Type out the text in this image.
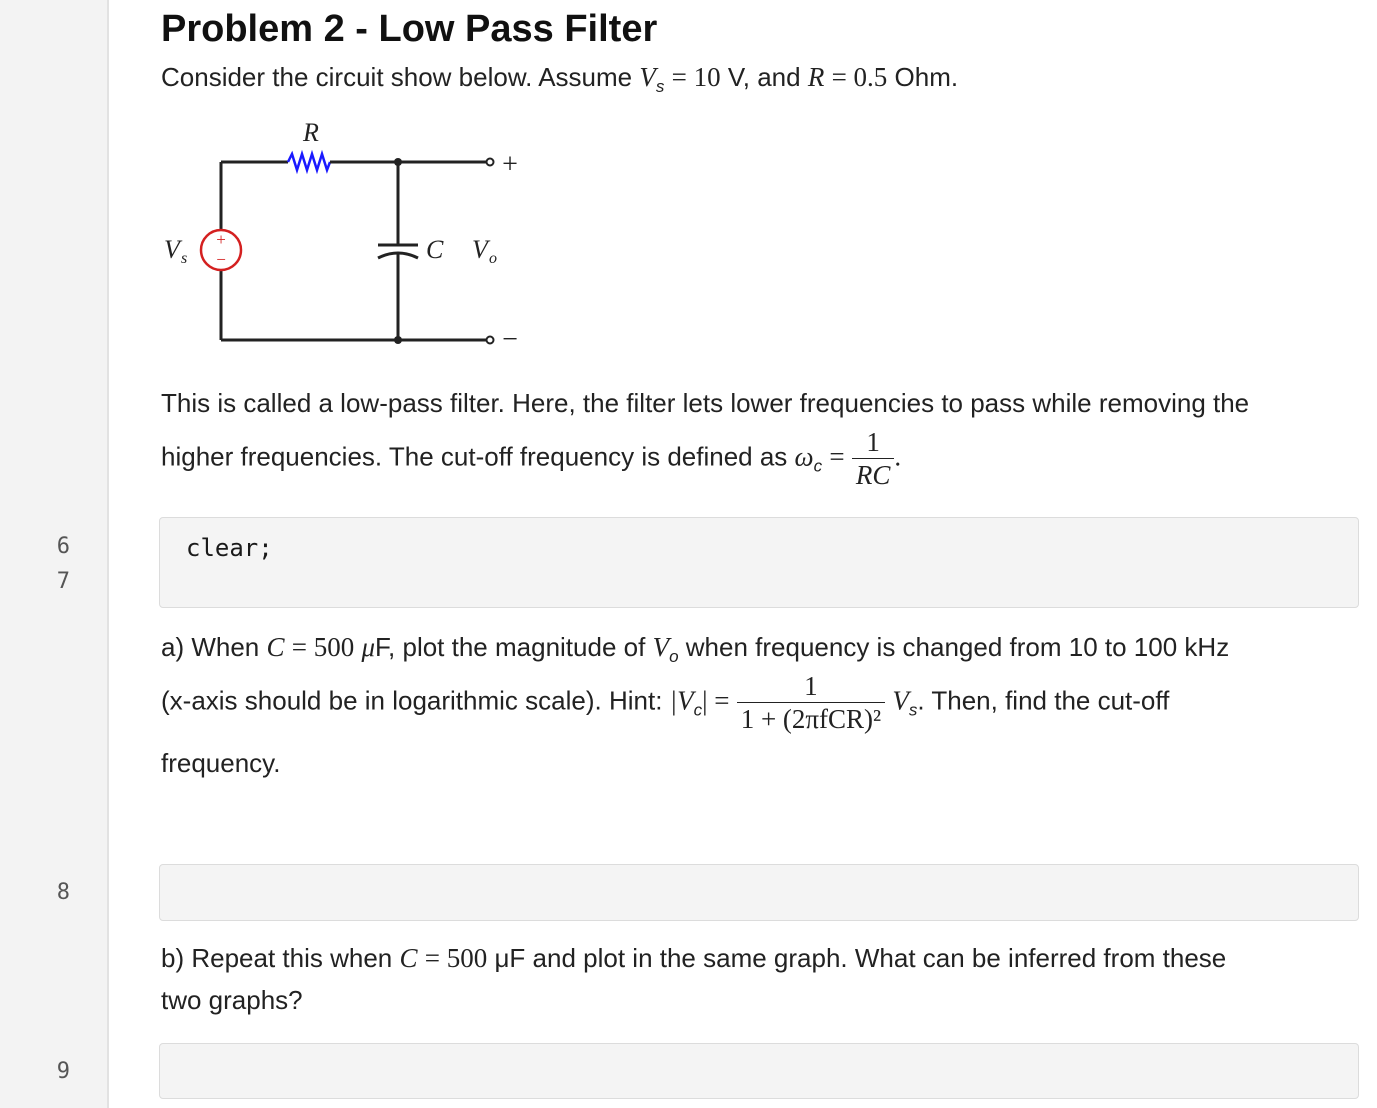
6
7
8
9
Problem 2 - Low Pass Filter
Consider the circuit show below. Assume $V_s = 10$ V, and R = 0.5 Ohm.
+
−
R
C
V s	V o
+
−
This is called a low-pass filter. Here, the filter lets lower frequencies to pass while removing the
higher frequencies. The cut-off frequency is defined as $\omega_c = \frac{1}{RC}$ .
clear;
a) When C = 500 μF, plot the magnitude of $V_o$ when frequency is changed from 10 to 100 kHz
(x-axis should be in logarithmic scale). Hint: $|V_c| = \frac{1}{\text{1 + (2πfCR)²}} V_s$. Then, find the cut-off
frequency.
b) Repeat this when C = 500 μF and plot in the same graph. What can be inferred from these
two graphs?
